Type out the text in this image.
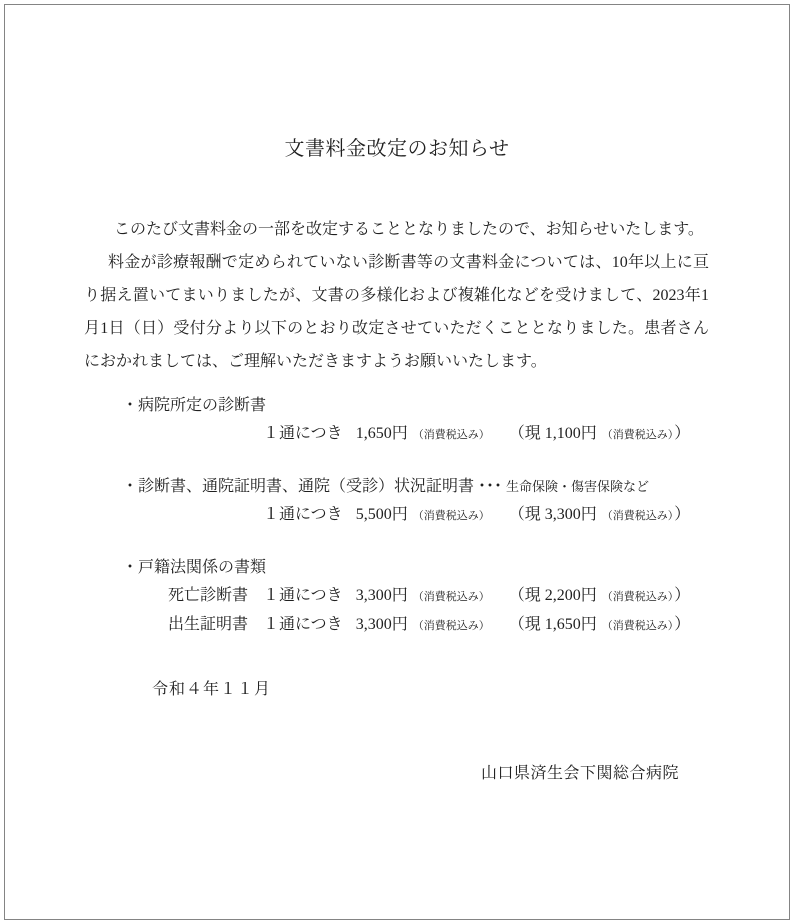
文書料金改定のお知らせ

このたび文書料金の一部を改定することとなりましたので、お知らせいたします。

料金が診療報酬で定められていない診断書等の文書料金については、10年以上に亘り据え置いてまいりましたが、文書の多様化および複雑化などを受けまして、2023年1月1日（日）受付分より以下のとおり改定させていただくこととなりました。患者さんにおかれましては、ご理解いただきますようお願いいたします。

・病院所定の診断書
１通につき 1,650円 （消費税込み） （現 1,100円 （消費税込み））
・診断書、通院証明書、通院（受診）状況証明書 ･･･ 生命保険・傷害保険など
１通につき 5,500円 （消費税込み） （現 3,300円 （消費税込み））
・戸籍法関係の書類
死亡診断書 １通につき 3,300円 （消費税込み） （現 2,200円 （消費税込み））
出生証明書 １通につき 3,300円 （消費税込み） （現 1,650円 （消費税込み））
令和４年１１月
山口県済生会下関総合病院
